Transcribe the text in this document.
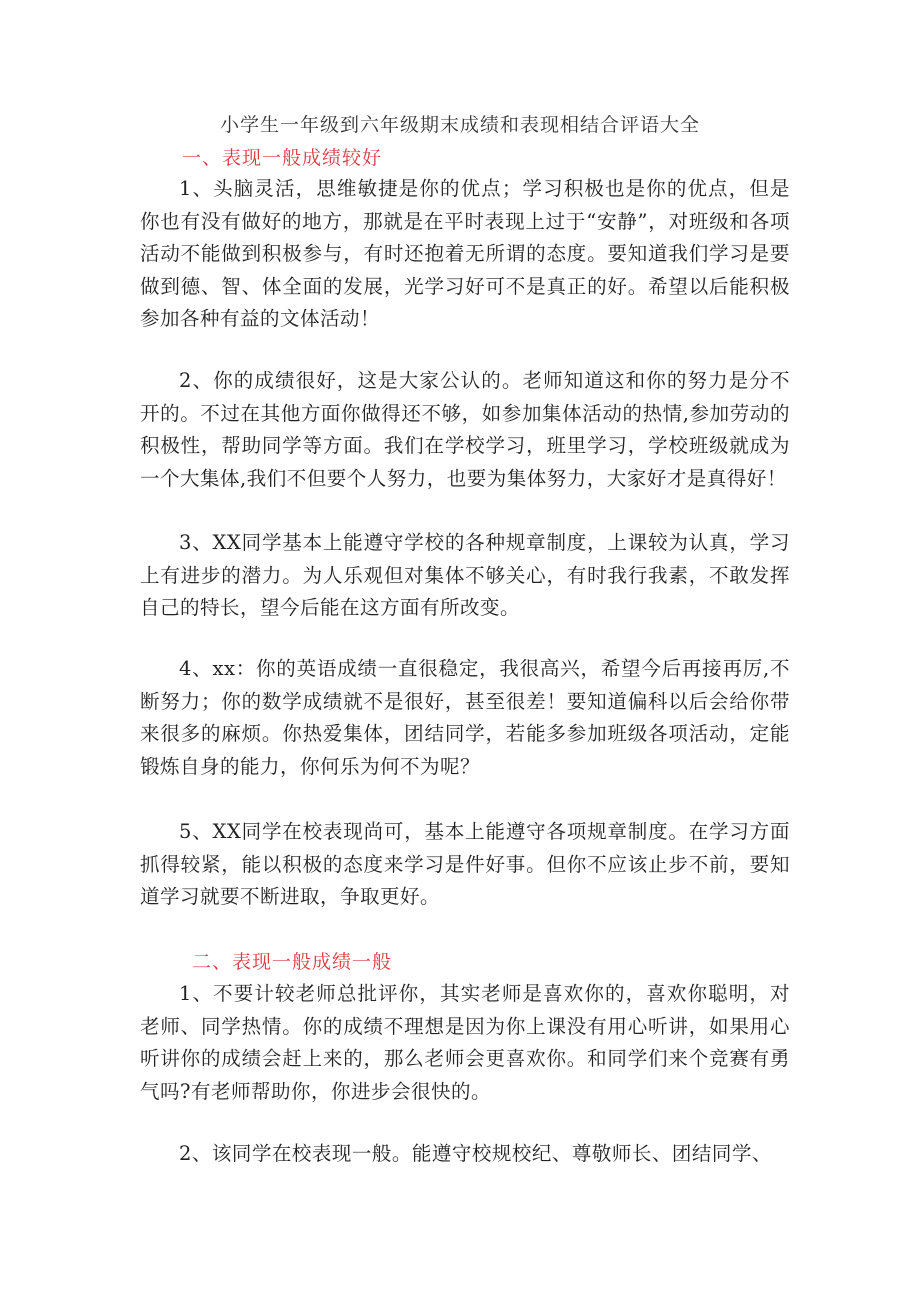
小学生一年级到六年级期末成绩和表现相结合评语大全
一、表现一般成绩较好

1、头脑灵活，思维敏捷是你的优点；学习积极也是你的优点，但是你也有没有做好的地方，那就是在平时表现上过于“安静”，对班级和各项活动不能做到积极参与，有时还抱着无所谓的态度。要知道我们学习是要做到德、智、体全面的发展，光学习好可不是真正的好。希望以后能积极参加各种有益的文体活动！

2、你的成绩很好，这是大家公认的。老师知道这和你的努力是分不开的。不过在其他方面你做得还不够，如参加集体活动的热情,参加劳动的积极性，帮助同学等方面。我们在学校学习，班里学习，学校班级就成为一个大集体,我们不但要个人努力，也要为集体努力，大家好才是真得好！

3、XX同学基本上能遵守学校的各种规章制度，上课较为认真，学习上有进步的潜力。为人乐观但对集体不够关心，有时我行我素，不敢发挥自己的特长，望今后能在这方面有所改变。

4、xx：你的英语成绩一直很稳定，我很高兴，希望今后再接再厉,不断努力；你的数学成绩就不是很好，甚至很差！要知道偏科以后会给你带来很多的麻烦。你热爱集体，团结同学，若能多参加班级各项活动，定能锻炼自身的能力，你何乐为何不为呢？

5、XX同学在校表现尚可，基本上能遵守各项规章制度。在学习方面抓得较紧，能以积极的态度来学习是件好事。但你不应该止步不前，要知道学习就要不断进取，争取更好。

二、表现一般成绩一般

1、不要计较老师总批评你，其实老师是喜欢你的，喜欢你聪明，对老师、同学热情。你的成绩不理想是因为你上课没有用心听讲，如果用心听讲你的成绩会赶上来的，那么老师会更喜欢你。和同学们来个竞赛有勇气吗?有老师帮助你，你进步会很快的。

2、该同学在校表现一般。能遵守校规校纪、尊敬师长、团结同学、
